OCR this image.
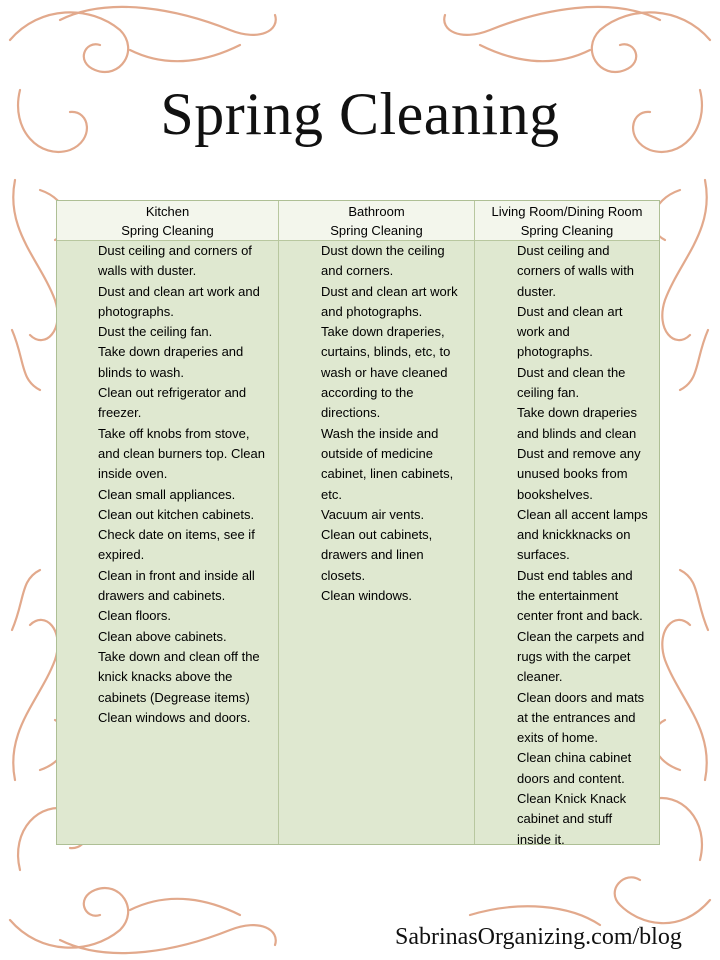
Spring Cleaning
Kitchen
Spring Cleaning
Dust ceiling and corners of
walls with duster.
Dust and clean art work and
photographs.
Dust the ceiling fan.
Take down draperies and
blinds to wash.
Clean out refrigerator and
freezer.
Take off knobs from stove,
and clean burners top. Clean
inside oven.
Clean small appliances.
Clean out kitchen cabinets.
Check date on items, see if
expired.
Clean in front and inside all
drawers and cabinets.
Clean floors.
Clean above cabinets.
Take down and clean off the
knick knacks above the
cabinets (Degrease items)
Clean windows and doors.
Bathroom
Spring Cleaning
Dust down the ceiling
and corners.
Dust and clean art work
and photographs.
Take down draperies,
curtains, blinds, etc, to
wash or have cleaned
according to the
directions.
Wash the inside and
outside of medicine
cabinet, linen cabinets,
etc.
Vacuum air vents.
Clean out cabinets,
drawers and linen
closets.
Clean windows.
Living Room/Dining Room
Spring Cleaning
Dust ceiling and
corners of walls with
duster.
Dust and clean art
work and
photographs.
Dust and clean the
ceiling fan.
Take down draperies
and blinds and clean
Dust and remove any
unused books from
bookshelves.
Clean all accent lamps
and knickknacks on
surfaces.
Dust end tables and
the entertainment
center front and back.
Clean the carpets and
rugs with the carpet
cleaner.
Clean doors and mats
at the entrances and
exits of home.
Clean china cabinet
doors and content.
Clean Knick Knack
cabinet and stuff
inside it.
SabrinasOrganizing.com/blog
